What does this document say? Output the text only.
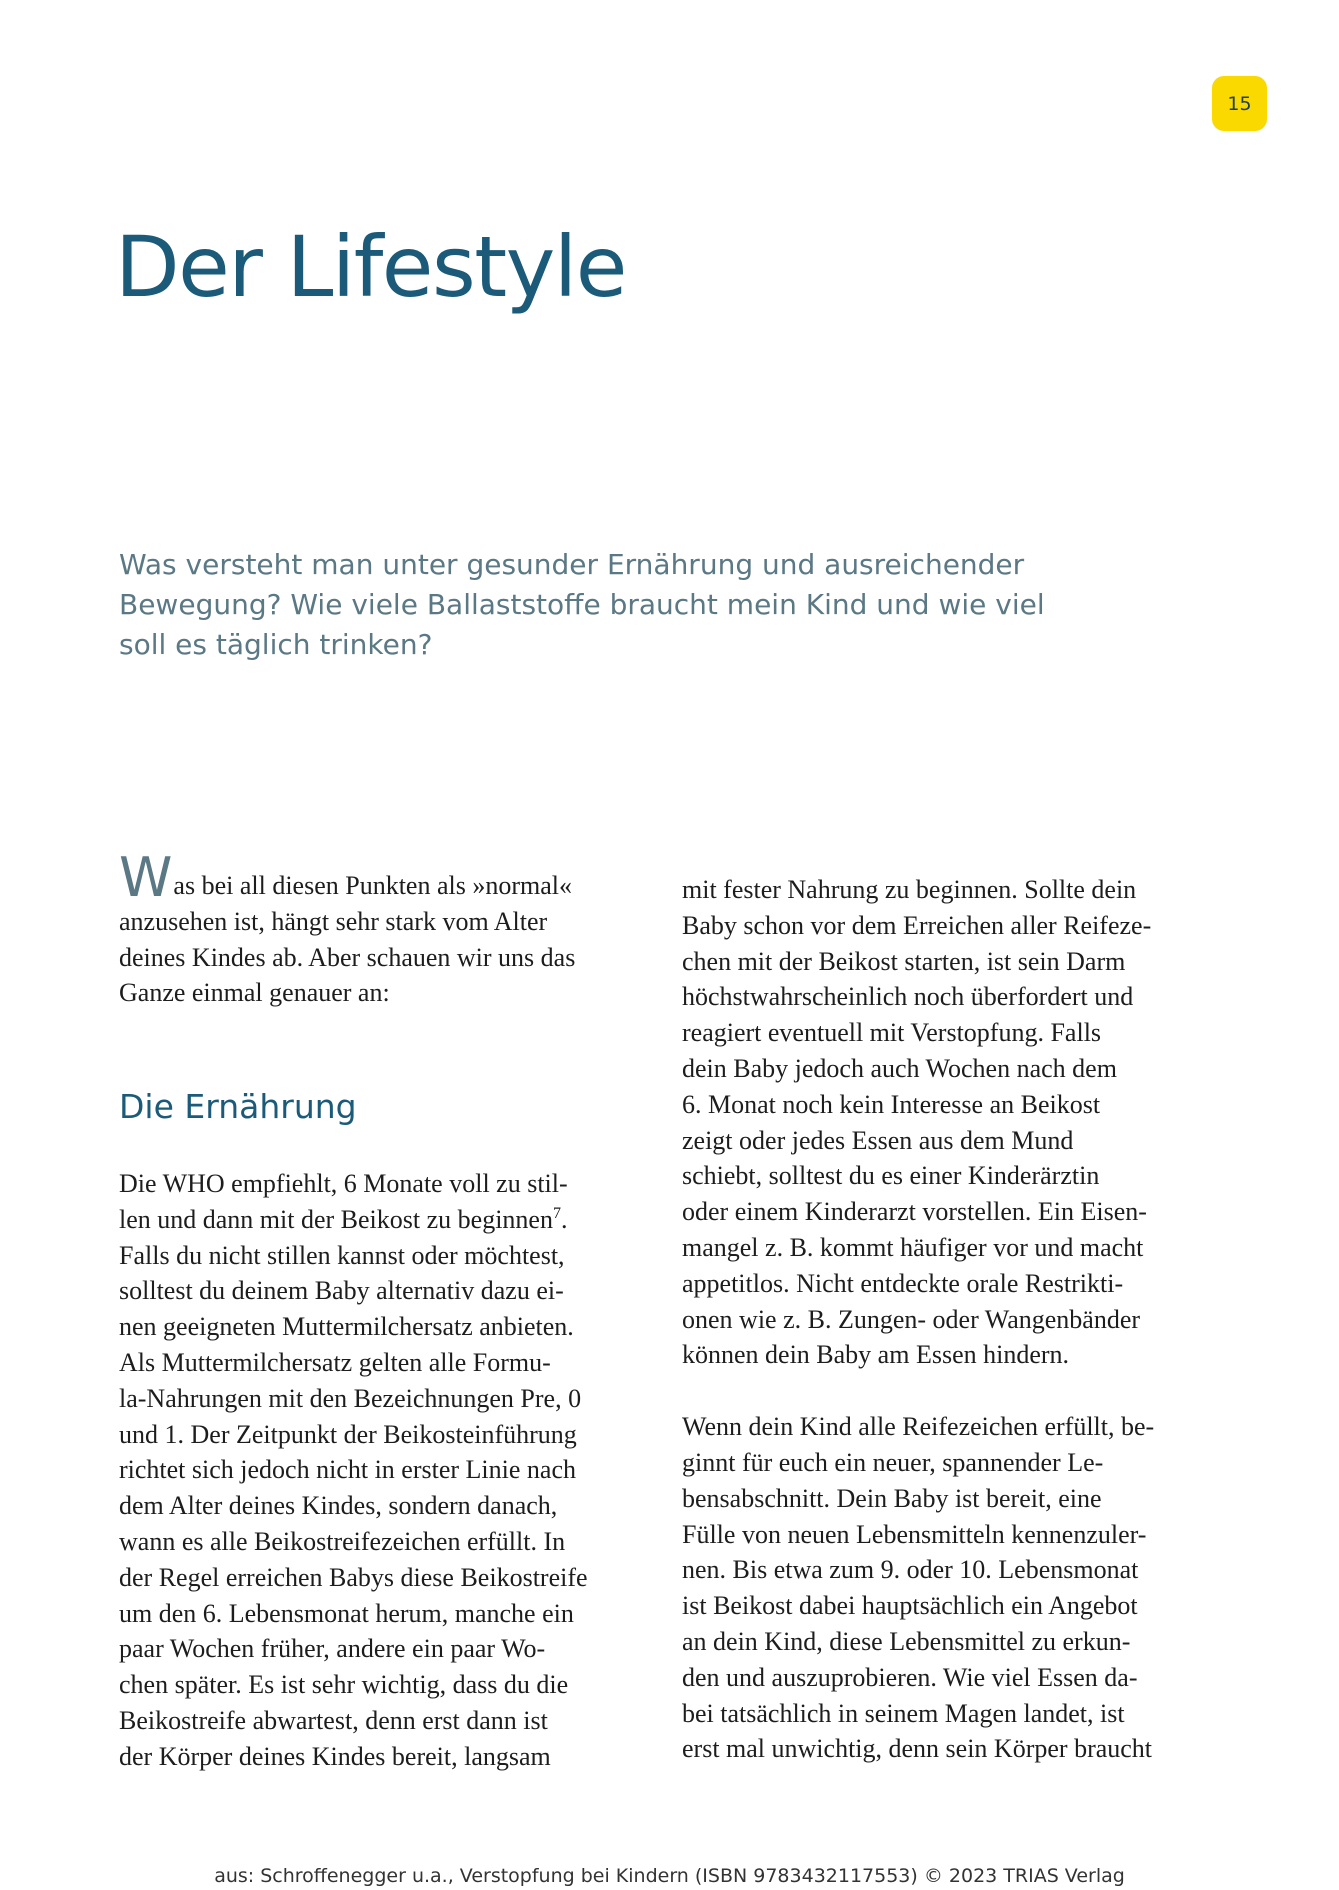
15
Der Lifestyle

Was versteht man unter gesunder Ernährung und ausreichender
Bewegung? Wie viele Ballaststoffe braucht mein Kind und wie viel
soll es täglich trinken?

Was bei all diesen Punkten als »normal«
anzusehen ist, hängt sehr stark vom Alter
deines Kindes ab. Aber schauen wir uns das
Ganze einmal genauer an:
Die Ernährung
Die WHO empfiehlt, 6 Monate voll zu stil-
len und dann mit der Beikost zu beginnen$^7$.
Falls du nicht stillen kannst oder möchtest,
solltest du deinem Baby alternativ dazu ei-
nen geeigneten Muttermilchersatz anbieten.
Als Muttermilchersatz gelten alle Formu-
la-Nahrungen mit den Bezeichnungen Pre, 0
und 1. Der Zeitpunkt der Beikosteinführung
richtet sich jedoch nicht in erster Linie nach
dem Alter deines Kindes, sondern danach,
wann es alle Beikostreifezeichen erfüllt. In
der Regel erreichen Babys diese Beikostreife
um den 6. Lebensmonat herum, manche ein
paar Wochen früher, andere ein paar Wo-
chen später. Es ist sehr wichtig, dass du die
Beikostreife abwartest, denn erst dann ist
der Körper deines Kindes bereit, langsam
mit fester Nahrung zu beginnen. Sollte dein
Baby schon vor dem Erreichen aller Reifeze-
chen mit der Beikost starten, ist sein Darm
höchstwahrscheinlich noch überfordert und
reagiert eventuell mit Verstopfung. Falls
dein Baby jedoch auch Wochen nach dem
6. Monat noch kein Interesse an Beikost
zeigt oder jedes Essen aus dem Mund
schiebt, solltest du es einer Kinderärztin
oder einem Kinderarzt vorstellen. Ein Eisen-
mangel z. B. kommt häufiger vor und macht
appetitlos. Nicht entdeckte orale Restrikti-
onen wie z. B. Zungen- oder Wangenbänder
können dein Baby am Essen hindern.
Wenn dein Kind alle Reifezeichen erfüllt, be-
ginnt für euch ein neuer, spannender Le-
bensabschnitt. Dein Baby ist bereit, eine
Fülle von neuen Lebensmitteln kennenzuler-
nen. Bis etwa zum 9. oder 10. Lebensmonat
ist Beikost dabei hauptsächlich ein Angebot
an dein Kind, diese Lebensmittel zu erkun-
den und auszuprobieren. Wie viel Essen da-
bei tatsächlich in seinem Magen landet, ist
erst mal unwichtig, denn sein Körper braucht
aus: Schroffenegger u.a., Verstopfung bei Kindern (ISBN 9783432117553) © 2023 TRIAS Verlag
